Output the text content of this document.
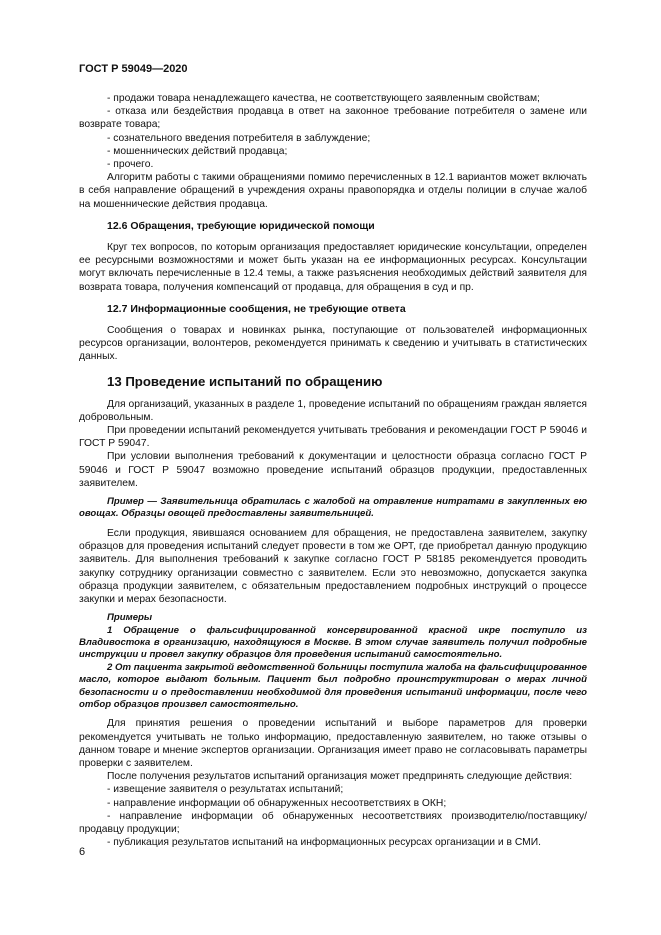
ГОСТ Р 59049—2020

- продажи товара ненадлежащего качества, не соответствующего заявленным свойствам;

- отказа или бездействия продавца в ответ на законное требование потребителя о замене или возврате товара;

- сознательного введения потребителя в заблуждение;

- мошеннических действий продавца;

- прочего.

Алгоритм работы с такими обращениями помимо перечисленных в 12.1 вариантов может включать в себя направление обращений в учреждения охраны правопорядка и отделы полиции в случае жалоб на мошеннические действия продавца.

12.6 Обращения, требующие юридической помощи

Круг тех вопросов, по которым организация предоставляет юридические консультации, определен ее ресурсными возможностями и может быть указан на ее информационных ресурсах. Консультации могут включать перечисленные в 12.4 темы, а также разъяснения необходимых действий заявителя для возврата товара, получения компенсаций от продавца, для обращения в суд и пр.

12.7 Информационные сообщения, не требующие ответа

Сообщения о товарах и новинках рынка, поступающие от пользователей информационных ресурсов организации, волонтеров, рекомендуется принимать к сведению и учитывать в статистических данных.

13 Проведение испытаний по обращению

Для организаций, указанных в разделе 1, проведение испытаний по обращениям граждан является добровольным.

При проведении испытаний рекомендуется учитывать требования и рекомендации ГОСТ Р 59046 и ГОСТ Р 59047.

При условии выполнения требований к документации и целостности образца согласно ГОСТ Р 59046 и ГОСТ Р 59047 возможно проведение испытаний образцов продукции, предоставленных заявителем.

Пример — Заявительница обратилась с жалобой на отравление нитратами в закупленных ею овощах. Образцы овощей предоставлены заявительницей.

Если продукция, явившаяся основанием для обращения, не предоставлена заявителем, закупку образцов для проведения испытаний следует провести в том же ОРТ, где приобретал данную продукцию заявитель. Для выполнения требований к закупке согласно ГОСТ Р 58185 рекомендуется проводить закупку сотруднику организации совместно с заявителем. Если это невозможно, допускается закупка образца продукции заявителем, с обязательным предоставлением подробных инструкций о процессе закупки и мерах безопасности.

Примеры

1 Обращение о фальсифицированной консервированной красной икре поступило из Владивостока в организацию, находящуюся в Москве. В этом случае заявитель получил подробные инструкции и провел закупку образцов для проведения испытаний самостоятельно.

2 От пациента закрытой ведомственной больницы поступила жалоба на фальсифицированное масло, которое выдают больным. Пациент был подробно проинструктирован о мерах личной безопасности и о предоставлении необходимой для проведения испытаний информации, после чего отбор образцов произвел самостоятельно.

Для принятия решения о проведении испытаний и выборе параметров для проверки рекомендуется учитывать не только информацию, предоставленную заявителем, но также отзывы о данном товаре и мнение экспертов организации. Организация имеет право не согласовывать параметры проверки с заявителем.

После получения результатов испытаний организация может предпринять следующие действия:

- извещение заявителя о результатах испытаний;

- направление информации об обнаруженных несоответствиях в ОКН;

- направление информации об обнаруженных несоответствиях производителю/поставщику/продавцу продукции;

- публикация результатов испытаний на информационных ресурсах организации и в СМИ.

6
